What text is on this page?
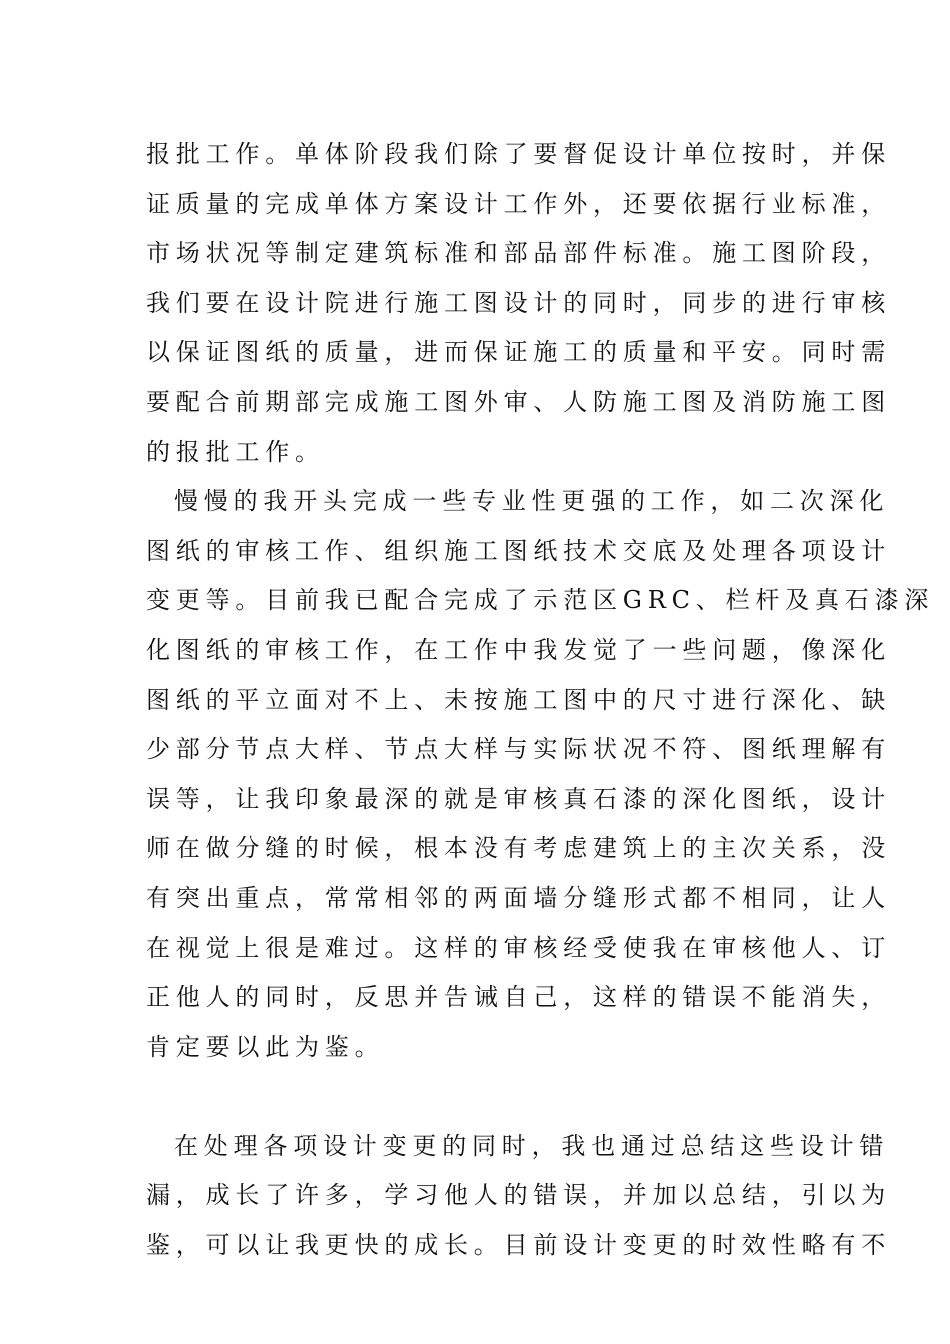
报批工作。单体阶段我们除了要督促设计单位按时，并保
证质量的完成单体方案设计工作外，还要依据行业标准，
市场状况等制定建筑标准和部品部件标准。施工图阶段，
我们要在设计院进行施工图设计的同时，同步的进行审核
以保证图纸的质量，进而保证施工的质量和平安。同时需
要配合前期部完成施工图外审、人防施工图及消防施工图
的报批工作。

慢慢的我开头完成一些专业性更强的工作，如二次深化
图纸的审核工作、组织施工图纸技术交底及处理各项设计
变更等。目前我已配合完成了示范区GRC、栏杆及真石漆深
化图纸的审核工作，在工作中我发觉了一些问题，像深化
图纸的平立面对不上、未按施工图中的尺寸进行深化、缺
少部分节点大样、节点大样与实际状况不符、图纸理解有
误等，让我印象最深的就是审核真石漆的深化图纸，设计
师在做分缝的时候，根本没有考虑建筑上的主次关系，没
有突出重点，常常相邻的两面墙分缝形式都不相同，让人
在视觉上很是难过。这样的审核经受使我在审核他人、订
正他人的同时，反思并告诫自己，这样的错误不能消失，
肯定要以此为鉴。

在处理各项设计变更的同时，我也通过总结这些设计错
漏，成长了许多，学习他人的错误，并加以总结，引以为
鉴，可以让我更快的成长。目前设计变更的时效性略有不
